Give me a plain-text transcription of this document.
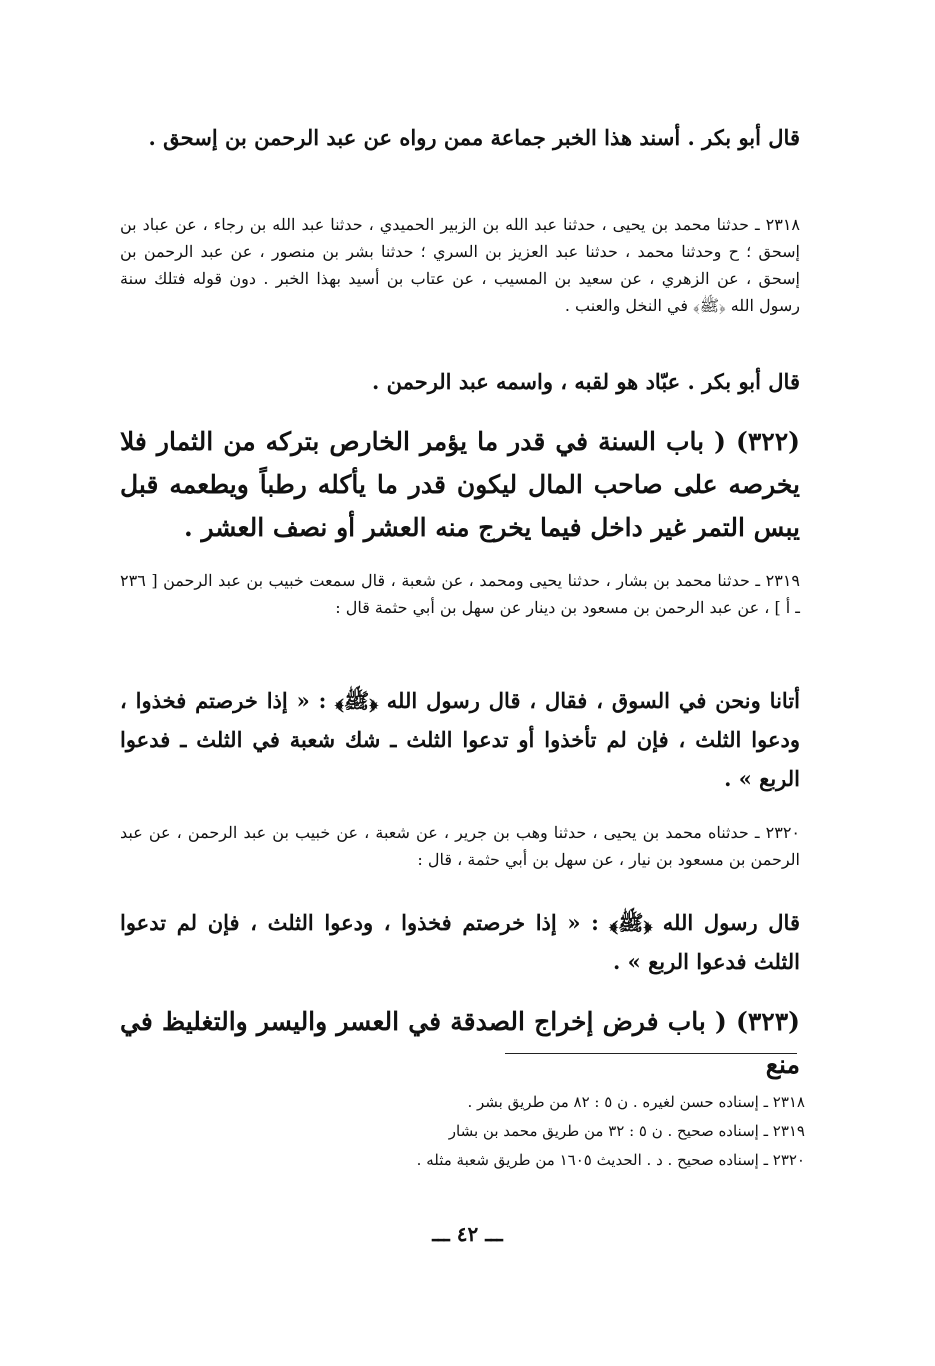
قال أبو بكر . أسند هذا الخبر جماعة ممن رواه عن عبد الرحمن بن إسحق .

٢٣١٨ ـ حدثنا محمد بن يحيى ، حدثنا عبد الله بن الزبير الحميدي ، حدثنا عبد الله بن رجاء ، عن عباد بن إسحق ؛ ح وحدثنا محمد ، حدثنا عبد العزيز بن السري ؛ حدثنا بشر بن منصور ، عن عبد الرحمن بن إسحق ، عن الزهري ، عن سعيد بن المسيب ، عن عتاب بن أسيد بهذا الخبر . دون قوله فتلك سنة رسول الله ﴿ﷺ﴾ في النخل والعنب .

قال أبو بكر . عبّاد هو لقبه ، واسمه عبد الرحمن .

(٣٢٢) ( باب السنة في قدر ما يؤمر الخارص بتركه من الثمار فلا يخرصه على صاحب المال ليكون قدر ما يأكله رطباً ويطعمه قبل يبس التمر غير داخل فيما يخرج منه العشر أو نصف العشر .

٢٣١٩ ـ حدثنا محمد بن بشار ، حدثنا يحيى ومحمد ، عن شعبة ، قال سمعت خبيب بن عبد الرحمن [ ٢٣٦ ـ أ ] ، عن عبد الرحمن بن مسعود بن دينار عن سهل بن أبي حثمة قال :

أتانا ونحن في السوق ، فقال ، قال رسول الله ﴿ﷺ﴾ : « إذا خرصتم فخذوا ، ودعوا الثلث ، فإن لم تأخذوا أو تدعوا الثلث ـ شك شعبة في الثلث ـ فدعوا الربع » .

٢٣٢٠ ـ حدثناه محمد بن يحيى ، حدثنا وهب بن جرير ، عن شعبة ، عن خبيب بن عبد الرحمن ، عن عبد الرحمن بن مسعود بن نيار ، عن سهل بن أبي حثمة ، قال :

قال رسول الله ﴿ﷺ﴾ : « إذا خرصتم فخذوا ، ودعوا الثلث ، فإن لم تدعوا الثلث فدعوا الربع » .

(٣٢٣) ( باب فرض إخراج الصدقة في العسر واليسر والتغليظ في منع

٢٣١٨ ـ إسناده حسن لغيره . ن ٥ : ٨٢ من طريق بشر .

٢٣١٩ ـ إسناده صحيح . ن ٥ : ٣٢ من طريق محمد بن بشار

٢٣٢٠ ـ إسناده صحيح . د . الحديث ١٦٠٥ من طريق شعبة مثله .

ـــ ٤٢ ـــ
